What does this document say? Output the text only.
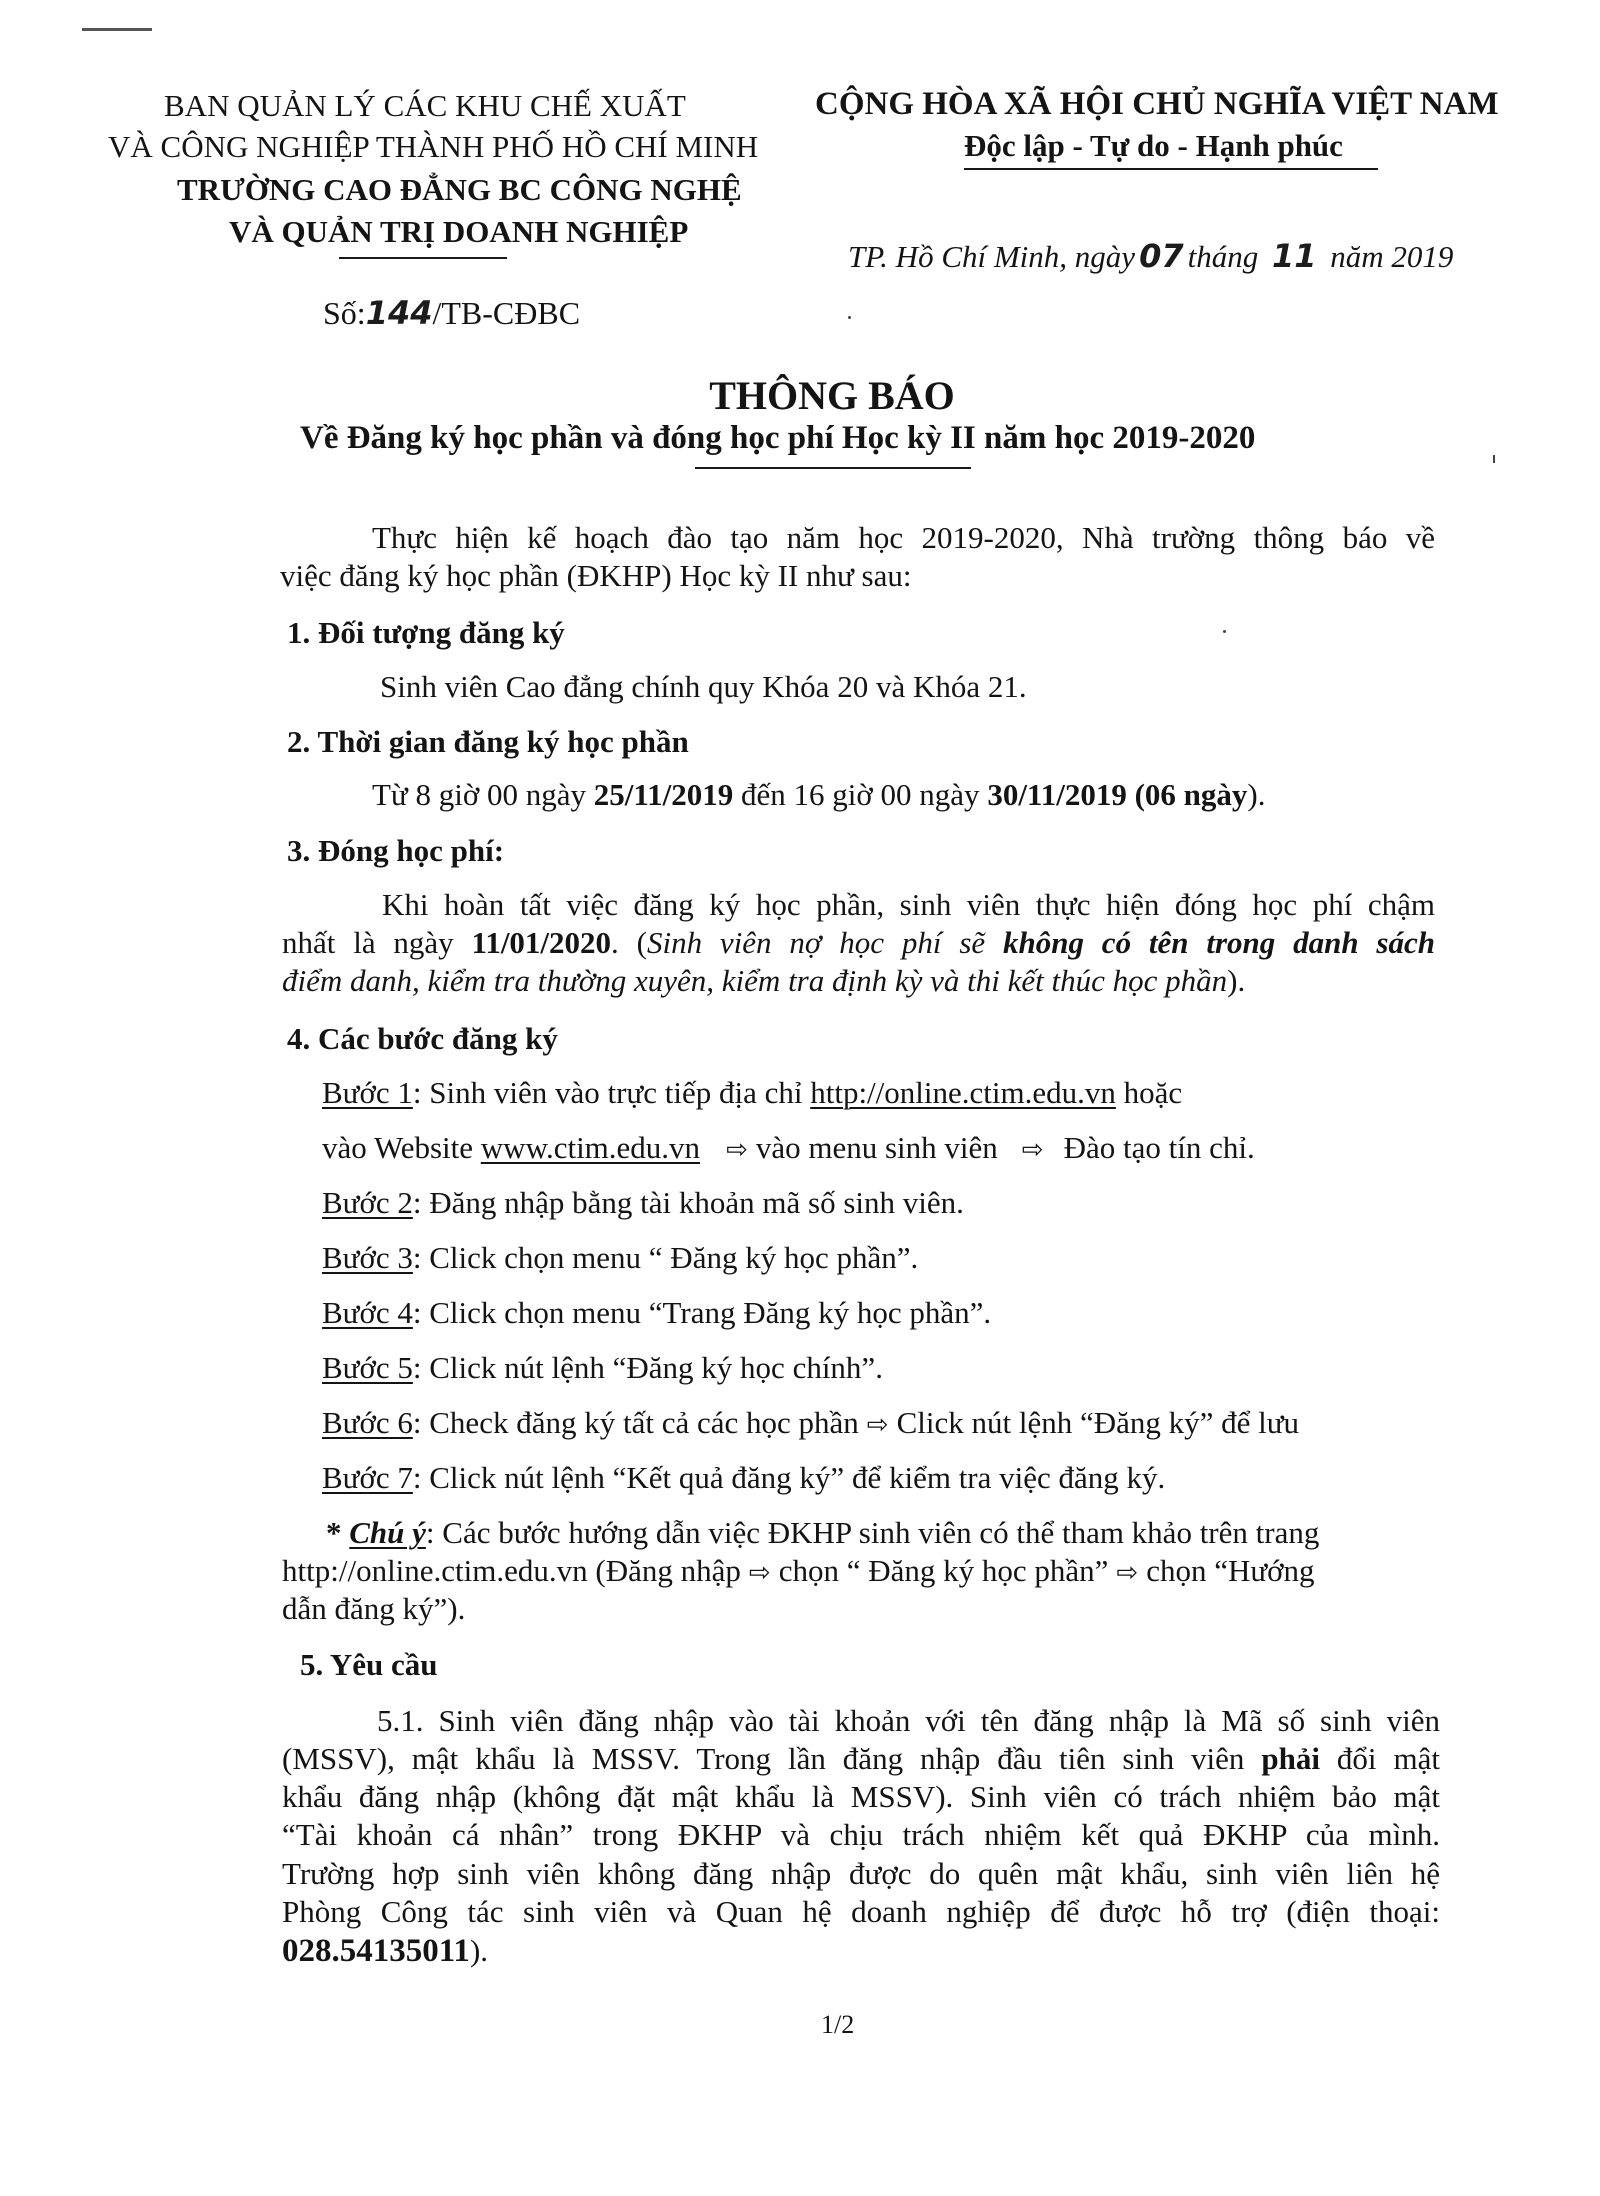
BAN QUẢN LÝ CÁC KHU CHẾ XUẤT
VÀ CÔNG NGHIỆP THÀNH PHỐ HỒ CHÍ MINH
TRƯỜNG CAO ĐẲNG BC CÔNG NGHỆ
VÀ QUẢN TRỊ DOANH NGHIỆP
Số:144/TB-CĐBC
CỘNG HÒA XÃ HỘI CHỦ NGHĨA VIỆT NAM
Độc lập - Tự do - Hạnh phúc
TP. Hồ Chí Minh, ngày 07 tháng 11 năm 2019
THÔNG BÁO
Về Đăng ký học phần và đóng học phí Học kỳ II năm học 2019-2020
Thực hiện kế hoạch đào tạo năm học 2019-2020, Nhà trường thông báo về
việc đăng ký học phần (ĐKHP) Học kỳ II như sau:
1. Đối tượng đăng ký
Sinh viên Cao đẳng chính quy Khóa 20 và Khóa 21.
2. Thời gian đăng ký học phần
Từ 8 giờ 00 ngày 25/11/2019 đến 16 giờ 00 ngày 30/11/2019 (06 ngày).
3. Đóng học phí:
Khi hoàn tất việc đăng ký học phần, sinh viên thực hiện đóng học phí chậm
nhất là ngày 11/01/2020. (Sinh viên nợ học phí sẽ không có tên trong danh sách
điểm danh, kiểm tra thường xuyên, kiểm tra định kỳ và thi kết thúc học phần).
4. Các bước đăng ký
Bước 1: Sinh viên vào trực tiếp địa chỉ http://online.ctim.edu.vn hoặc
vào Website www.ctim.edu.vn ⇨ vào menu sinh viên ⇨ Đào tạo tín chỉ.
Bước 2: Đăng nhập bằng tài khoản mã số sinh viên.
Bước 3: Click chọn menu “ Đăng ký học phần”.
Bước 4: Click chọn menu “Trang Đăng ký học phần”.
Bước 5: Click nút lệnh “Đăng ký học chính”.
Bước 6: Check đăng ký tất cả các học phần ⇨ Click nút lệnh “Đăng ký” để lưu
Bước 7: Click nút lệnh “Kết quả đăng ký” để kiểm tra việc đăng ký.
* Chú ý: Các bước hướng dẫn việc ĐKHP sinh viên có thể tham khảo trên trang
http://online.ctim.edu.vn (Đăng nhập ⇨ chọn “ Đăng ký học phần” ⇨ chọn “Hướng
dẫn đăng ký”).
5. Yêu cầu
5.1. Sinh viên đăng nhập vào tài khoản với tên đăng nhập là Mã số sinh viên
(MSSV), mật khẩu là MSSV. Trong lần đăng nhập đầu tiên sinh viên phải đổi mật
khẩu đăng nhập (không đặt mật khẩu là MSSV). Sinh viên có trách nhiệm bảo mật
“Tài khoản cá nhân” trong ĐKHP và chịu trách nhiệm kết quả ĐKHP của mình.
Trường hợp sinh viên không đăng nhập được do quên mật khẩu, sinh viên liên hệ
Phòng Công tác sinh viên và Quan hệ doanh nghiệp để được hỗ trợ (điện thoại:
028.54135011).
1/2
